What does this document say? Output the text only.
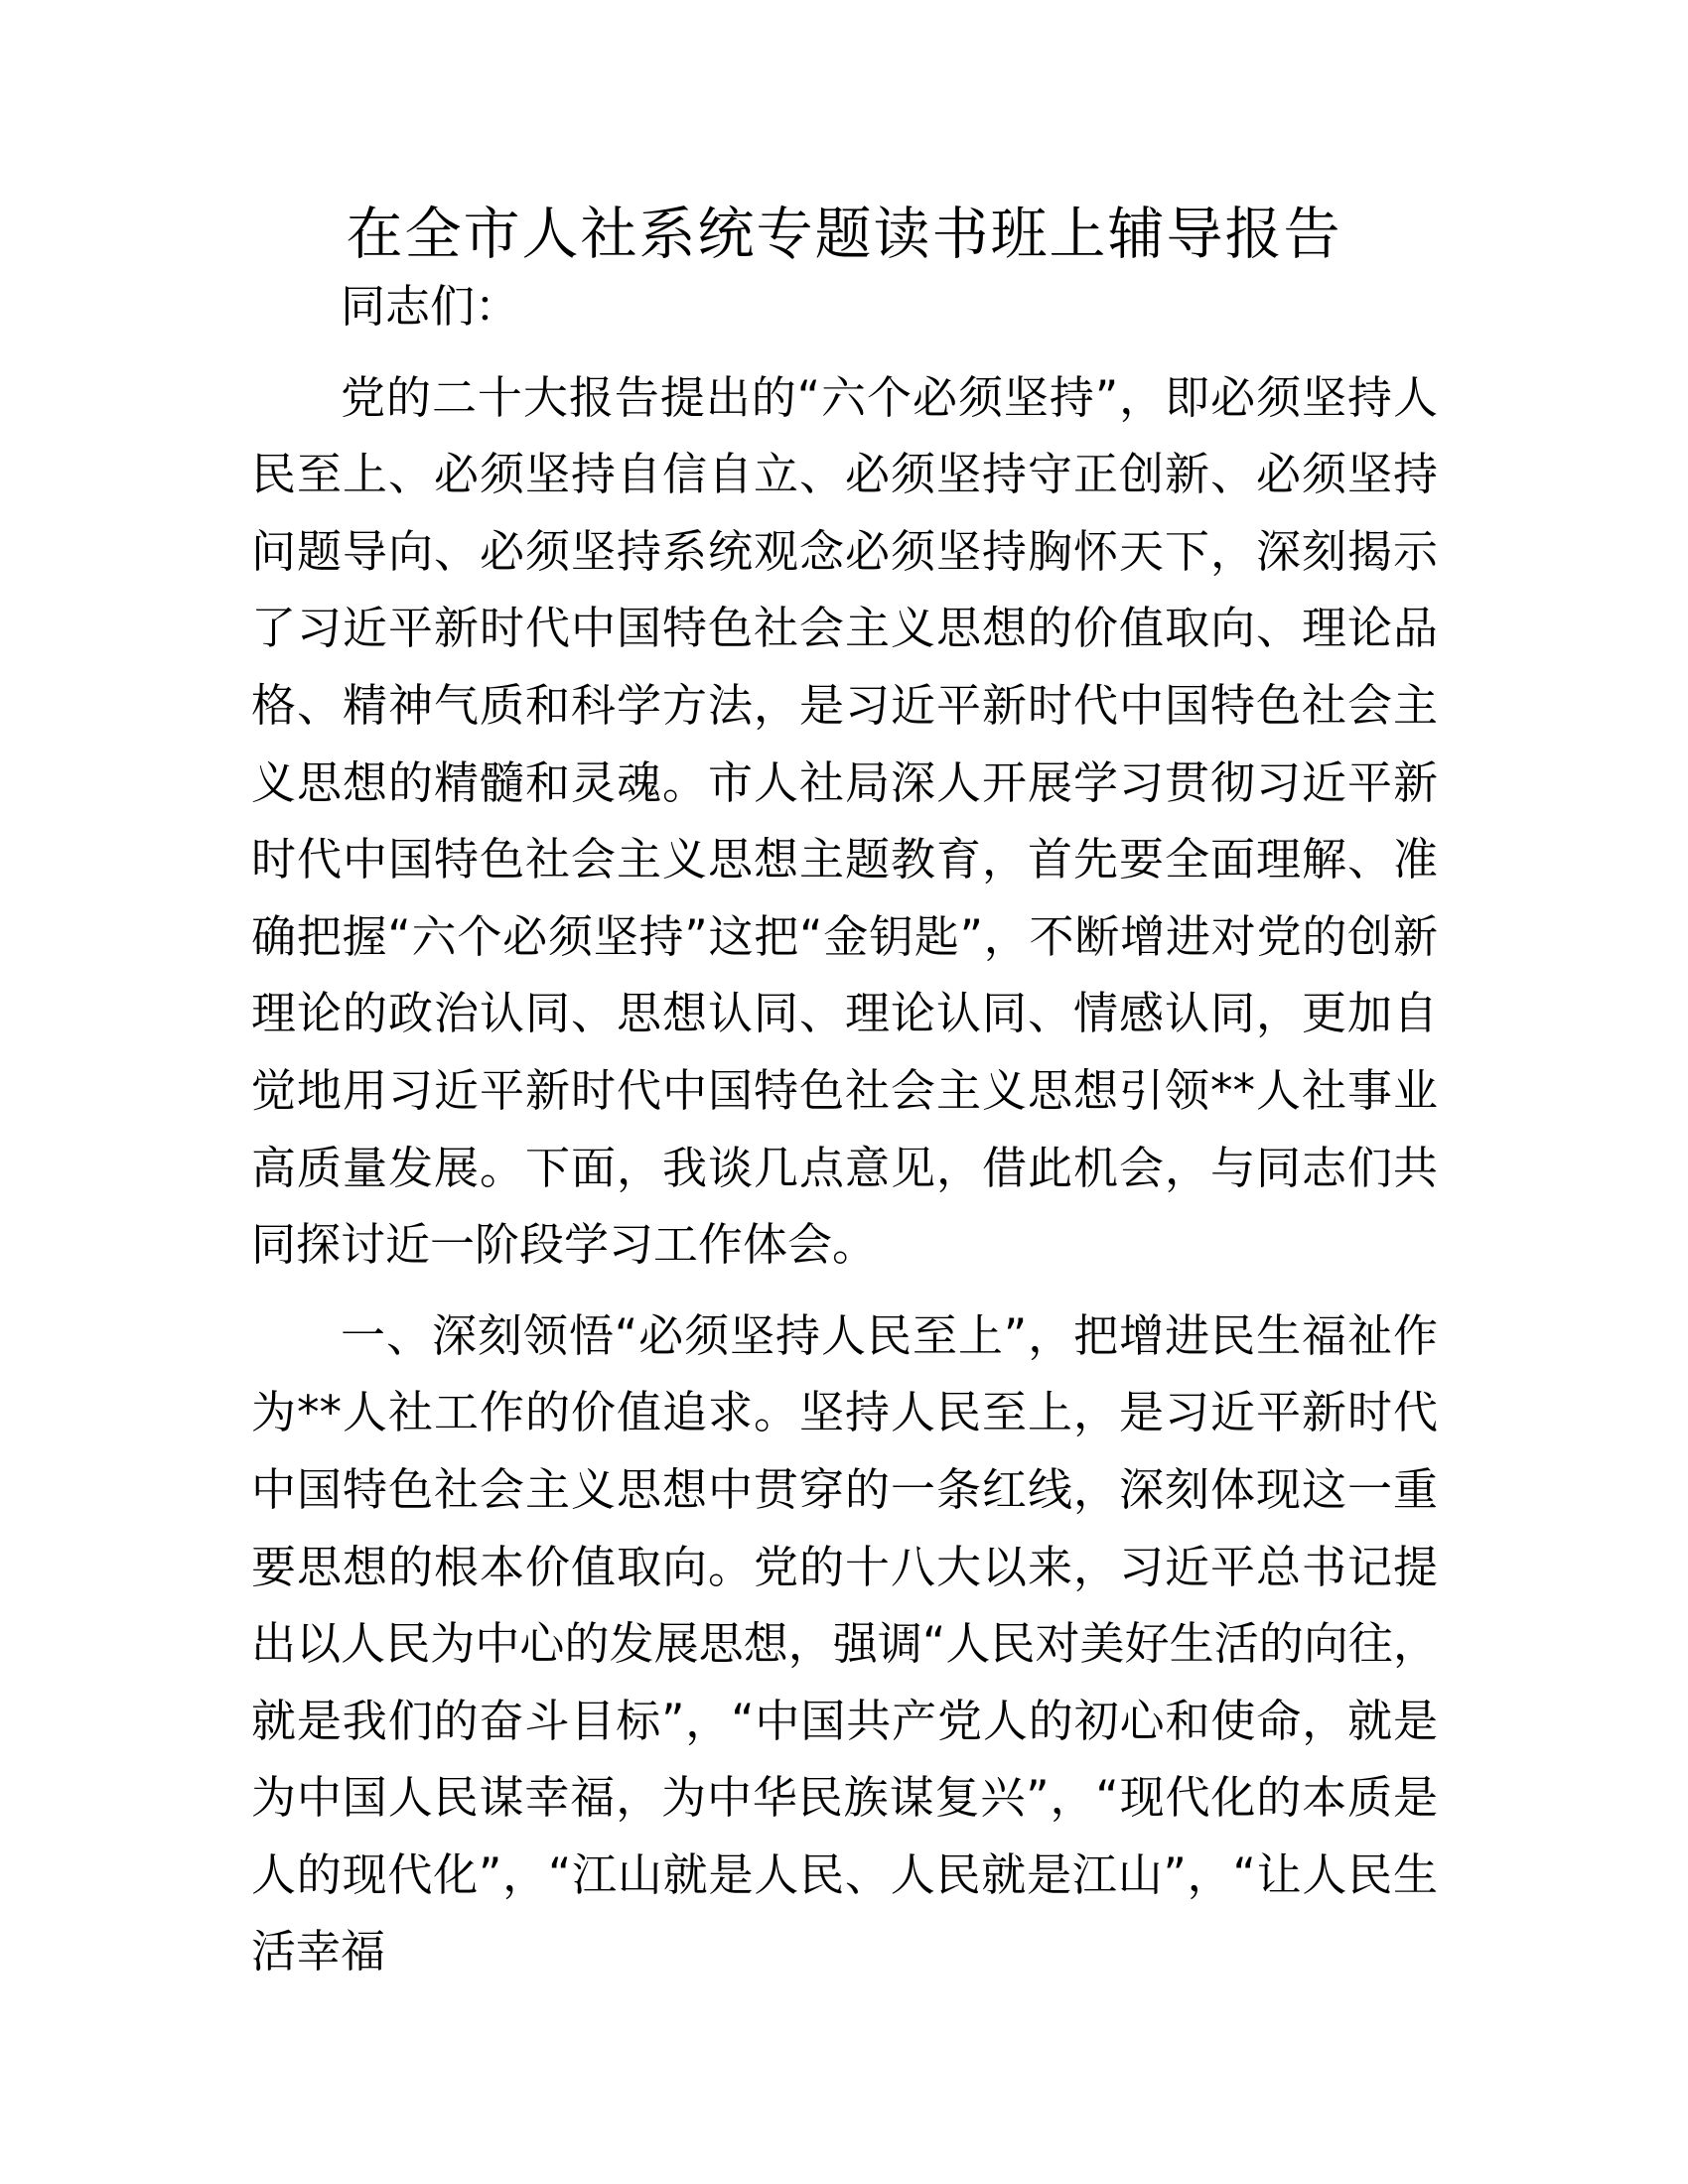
在全市人社系统专题读书班上辅导报告

同志们：

党的二十大报告提出的“六个必须坚持”，即必须坚持人民至上、必须坚持自信自立、必须坚持守正创新、必须坚持问题导向、必须坚持系统观念必须坚持胸怀天下，深刻揭示了习近平新时代中国特色社会主义思想的价值取向、理论品格、精神气质和科学方法，是习近平新时代中国特色社会主义思想的精髓和灵魂。市人社局深人开展学习贯彻习近平新时代中国特色社会主义思想主题教育，首先要全面理解、准确把握“六个必须坚持”这把“金钥匙”，不断增进对党的创新理论的政治认同、思想认同、理论认同、情感认同，更加自觉地用习近平新时代中国特色社会主义思想引领**人社事业高质量发展。下面，我谈几点意见，借此机会，与同志们共同探讨近一阶段学习工作体会。

一、深刻领悟“必须坚持人民至上”，把增进民生福祉作为**人社工作的价值追求。坚持人民至上，是习近平新时代中国特色社会主义思想中贯穿的一条红线，深刻体现这一重要思想的根本价值取向。党的十八大以来，习近平总书记提出以人民为中心的发展思想，强调“人民对美好生活的向往，就是我们的奋斗目标”，“中国共产党人的初心和使命，就是为中国人民谋幸福，为中华民族谋复兴”，“现代化的本质是人的现代化”，“江山就是人民、人民就是江山”，“让人民生活幸福
